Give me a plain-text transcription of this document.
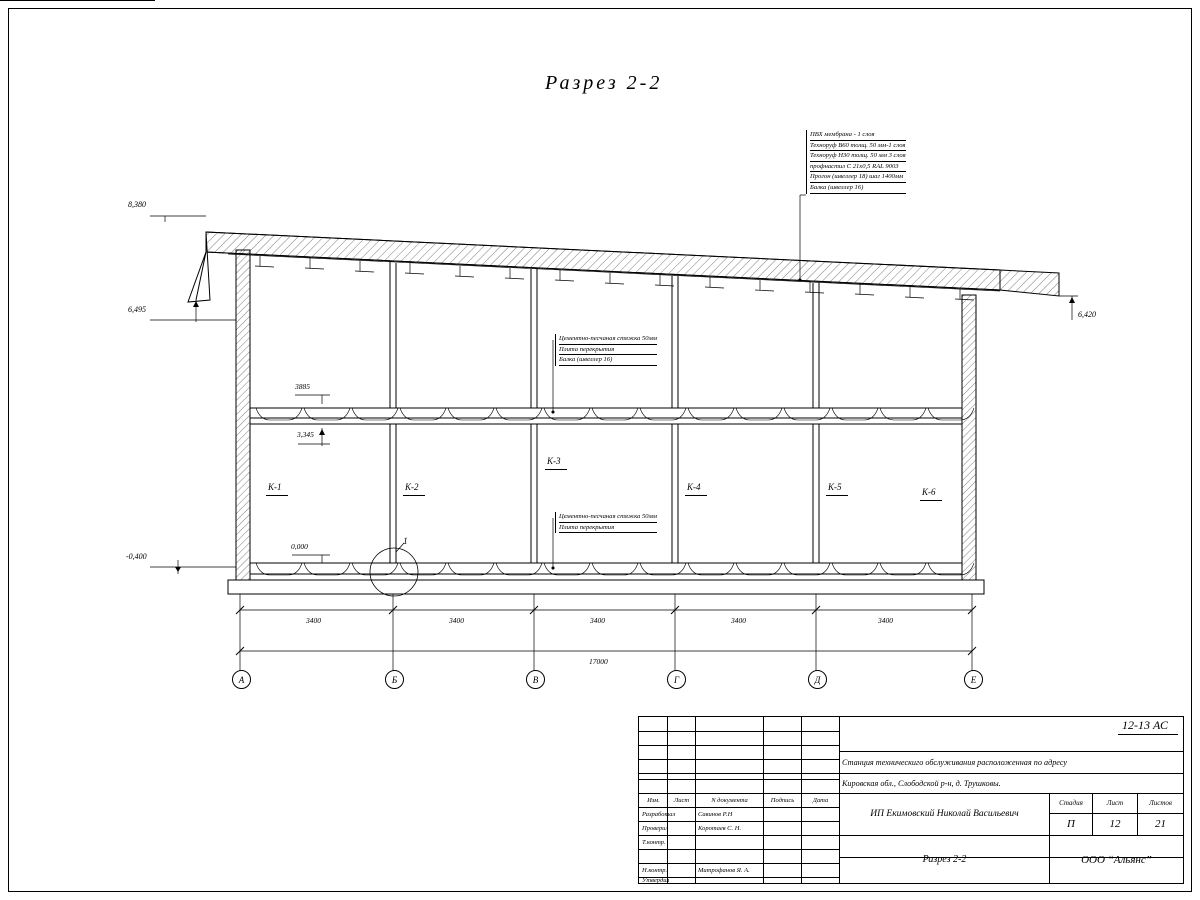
Разрез 2-2
ПВХ мембрана - 1 слоя
Техноруф В60 толщ. 50 мм-1 слоя
Техноруф Н30 толщ. 50 мм 3 слоя
профнастил С 21x0,5 RAL 9003
Прогон (швеллер 18) шаг 1400мм
Балка (швеллер 16)
Цементно-песчаная стяжка 50мм
Плита перекрытия
Балка (швеллер 16)
Цементно-песчаная стяжка 50мм
Плита перекрытия
8,380
6,495
6,420
-0,400
3885
3,345
0,000
К-1	К-2
К-3
К-4	К-5	К-6
1
3400	3400	3400	3400	3400
17000
А	Б	В	Г	Д	Е
12-13 АС
Станция техническиго обслуживания расположенная по адресу
Кировская обл., Слободской р-н, д. Трушковы.
Изм.	Лист	N документа	Подпись	Дата
Разработал	Савинов Р.Н
Проверил	Коротаев С. Н.
Т.контр.
Н.контр.	Митрофанов Я. А.
Утвердил
ИП Екимовский Николай Васильевич
Стадия	Лист	Листов
П	12	21
Разрез 2-2	ООО “Альянс”
